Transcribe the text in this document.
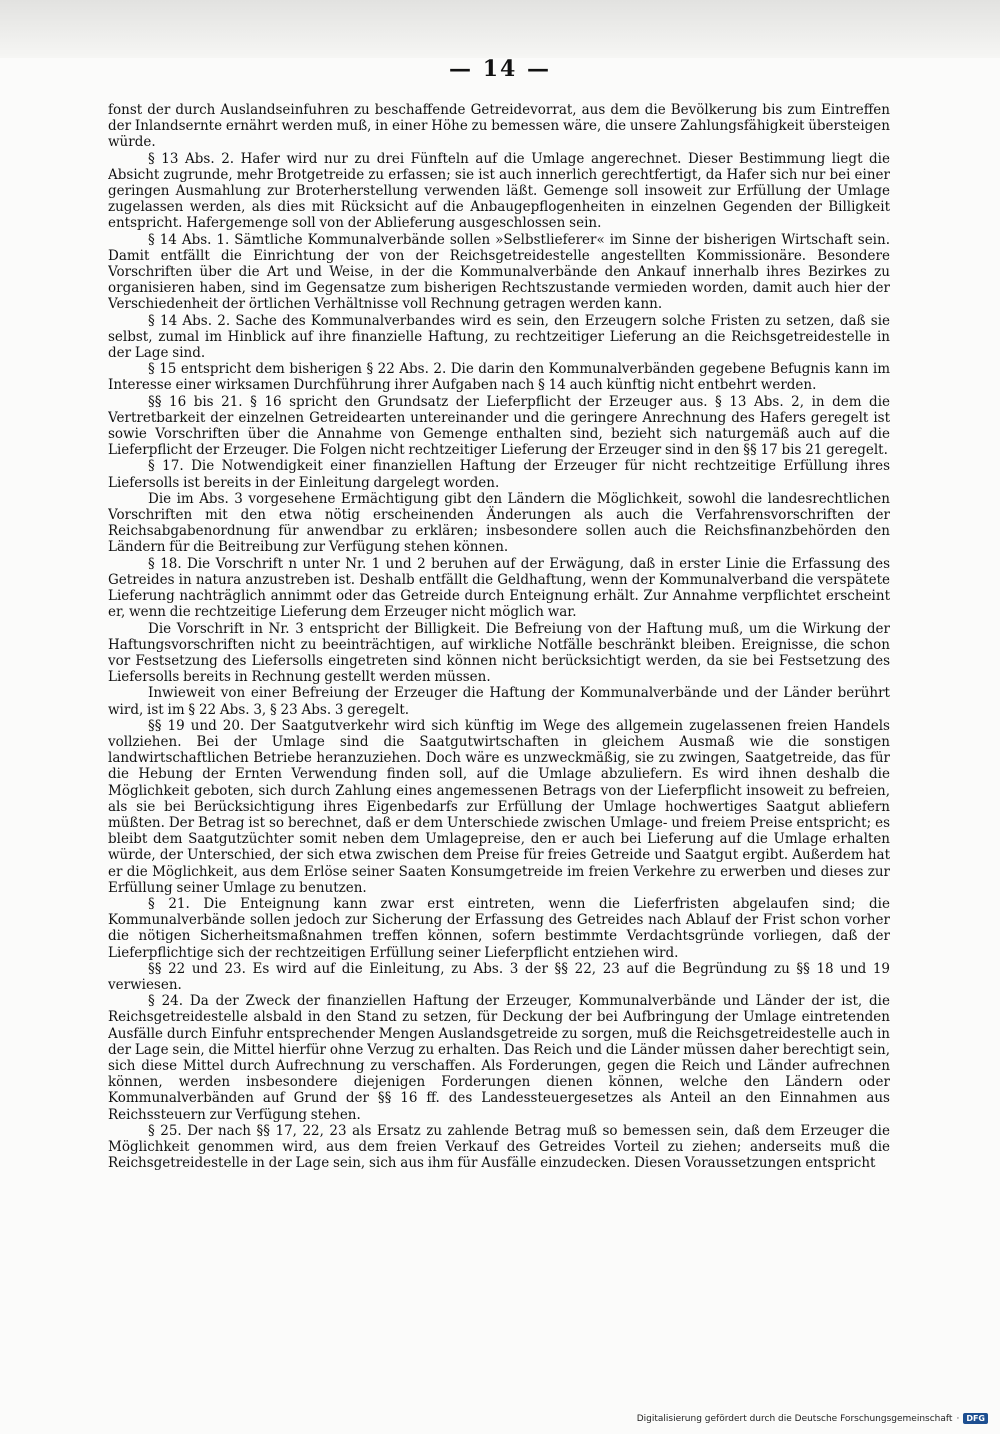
— 14 —

fonst der durch Auslandseinfuhren zu beschaffende Getreidevorrat, aus dem die Bevölkerung bis zum Eintreffen der Inlandsernte ernährt werden muß, in einer Höhe zu bemessen wäre, die unsere Zahlungsfähigkeit übersteigen würde.

§ 13 Abs. 2. Hafer wird nur zu drei Fünfteln auf die Umlage angerechnet. Dieser Bestimmung liegt die Absicht zugrunde, mehr Brotgetreide zu erfassen; sie ist auch innerlich gerechtfertigt, da Hafer sich nur bei einer geringen Ausmahlung zur Broterherstellung verwenden läßt. Gemenge soll insoweit zur Erfüllung der Umlage zugelassen werden, als dies mit Rücksicht auf die Anbaugepflogenheiten in einzelnen Gegenden der Billigkeit entspricht. Hafergemenge soll von der Ablieferung ausgeschlossen sein.

§ 14 Abs. 1. Sämtliche Kommunalverbände sollen »Selbstlieferer« im Sinne der bisherigen Wirtschaft sein. Damit entfällt die Einrichtung der von der Reichsgetreidestelle angestellten Kommissionäre. Besondere Vorschriften über die Art und Weise, in der die Kommunalverbände den Ankauf innerhalb ihres Bezirkes zu organisieren haben, sind im Gegensatze zum bisherigen Rechtszustande vermieden worden, damit auch hier der Verschiedenheit der örtlichen Verhältnisse voll Rechnung getragen werden kann.

§ 14 Abs. 2. Sache des Kommunalverbandes wird es sein, den Erzeugern solche Fristen zu setzen, daß sie selbst, zumal im Hinblick auf ihre finanzielle Haftung, zu rechtzeitiger Lieferung an die Reichsgetreidestelle in der Lage sind.

§ 15 entspricht dem bisherigen § 22 Abs. 2. Die darin den Kommunalverbänden gegebene Befugnis kann im Interesse einer wirksamen Durchführung ihrer Aufgaben nach § 14 auch künftig nicht entbehrt werden.

§§ 16 bis 21. § 16 spricht den Grundsatz der Lieferpflicht der Erzeuger aus. § 13 Abs. 2, in dem die Vertretbarkeit der einzelnen Getreidearten untereinander und die geringere Anrechnung des Hafers geregelt ist sowie Vorschriften über die Annahme von Gemenge enthalten sind, bezieht sich naturgemäß auch auf die Lieferpflicht der Erzeuger. Die Folgen nicht rechtzeitiger Lieferung der Erzeuger sind in den §§ 17 bis 21 geregelt.

§ 17. Die Notwendigkeit einer finanziellen Haftung der Erzeuger für nicht rechtzeitige Erfüllung ihres Liefersolls ist bereits in der Einleitung dargelegt worden.

Die im Abs. 3 vorgesehene Ermächtigung gibt den Ländern die Möglichkeit, sowohl die landesrechtlichen Vorschriften mit den etwa nötig erscheinenden Änderungen als auch die Verfahrensvorschriften der Reichsabgabenordnung für anwendbar zu erklären; insbesondere sollen auch die Reichsfinanzbehörden den Ländern für die Beitreibung zur Verfügung stehen können.

§ 18. Die Vorschrift n unter Nr. 1 und 2 beruhen auf der Erwägung, daß in erster Linie die Erfassung des Getreides in natura anzustreben ist. Deshalb entfällt die Geldhaftung, wenn der Kommunalverband die verspätete Lieferung nachträglich annimmt oder das Getreide durch Enteignung erhält. Zur Annahme verpflichtet erscheint er, wenn die rechtzeitige Lieferung dem Erzeuger nicht möglich war.

Die Vorschrift in Nr. 3 entspricht der Billigkeit. Die Befreiung von der Haftung muß, um die Wirkung der Haftungsvorschriften nicht zu beeinträchtigen, auf wirkliche Notfälle beschränkt bleiben. Ereignisse, die schon vor Festsetzung des Liefersolls eingetreten sind können nicht berücksichtigt werden, da sie bei Festsetzung des Liefersolls bereits in Rechnung gestellt werden müssen.

Inwieweit von einer Befreiung der Erzeuger die Haftung der Kommunalverbände und der Länder berührt wird, ist im § 22 Abs. 3, § 23 Abs. 3 geregelt.

§§ 19 und 20. Der Saatgutverkehr wird sich künftig im Wege des allgemein zugelassenen freien Handels vollziehen. Bei der Umlage sind die Saatgutwirtschaften in gleichem Ausmaß wie die sonstigen landwirtschaftlichen Betriebe heranzuziehen. Doch wäre es unzweckmäßig, sie zu zwingen, Saatgetreide, das für die Hebung der Ernten Verwendung finden soll, auf die Umlage abzuliefern. Es wird ihnen deshalb die Möglichkeit geboten, sich durch Zahlung eines angemessenen Betrags von der Lieferpflicht insoweit zu befreien, als sie bei Berücksichtigung ihres Eigenbedarfs zur Erfüllung der Umlage hochwertiges Saatgut abliefern müßten. Der Betrag ist so berechnet, daß er dem Unterschiede zwischen Umlage- und freiem Preise entspricht; es bleibt dem Saatgutzüchter somit neben dem Umlagepreise, den er auch bei Lieferung auf die Umlage erhalten würde, der Unterschied, der sich etwa zwischen dem Preise für freies Getreide und Saatgut ergibt. Außerdem hat er die Möglichkeit, aus dem Erlöse seiner Saaten Konsumgetreide im freien Verkehre zu erwerben und dieses zur Erfüllung seiner Umlage zu benutzen.

§ 21. Die Enteignung kann zwar erst eintreten, wenn die Lieferfristen abgelaufen sind; die Kommunalverbände sollen jedoch zur Sicherung der Erfassung des Getreides nach Ablauf der Frist schon vorher die nötigen Sicherheitsmaßnahmen treffen können, sofern bestimmte Verdachtsgründe vorliegen, daß der Lieferpflichtige sich der rechtzeitigen Erfüllung seiner Lieferpflicht entziehen wird.

§§ 22 und 23. Es wird auf die Einleitung, zu Abs. 3 der §§ 22, 23 auf die Begründung zu §§ 18 und 19 verwiesen.

§ 24. Da der Zweck der finanziellen Haftung der Erzeuger, Kommunalverbände und Länder der ist, die Reichsgetreidestelle alsbald in den Stand zu setzen, für Deckung der bei Aufbringung der Umlage eintretenden Ausfälle durch Einfuhr entsprechender Mengen Auslandsgetreide zu sorgen, muß die Reichsgetreidestelle auch in der Lage sein, die Mittel hierfür ohne Verzug zu erhalten. Das Reich und die Länder müssen daher berechtigt sein, sich diese Mittel durch Aufrechnung zu verschaffen. Als Forderungen, gegen die Reich und Länder aufrechnen können, werden insbesondere diejenigen Forderungen dienen können, welche den Ländern oder Kommunalverbänden auf Grund der §§ 16 ff. des Landessteuergesetzes als Anteil an den Einnahmen aus Reichssteuern zur Verfügung stehen.

§ 25. Der nach §§ 17, 22, 23 als Ersatz zu zahlende Betrag muß so bemessen sein, daß dem Erzeuger die Möglichkeit genommen wird, aus dem freien Verkauf des Getreides Vorteil zu ziehen; anderseits muß die Reichsgetreidestelle in der Lage sein, sich aus ihm für Ausfälle einzudecken. Diesen Voraussetzungen entspricht

Digitalisierung gefördert durch die Deutsche Forschungsgemeinschaft · DFG
